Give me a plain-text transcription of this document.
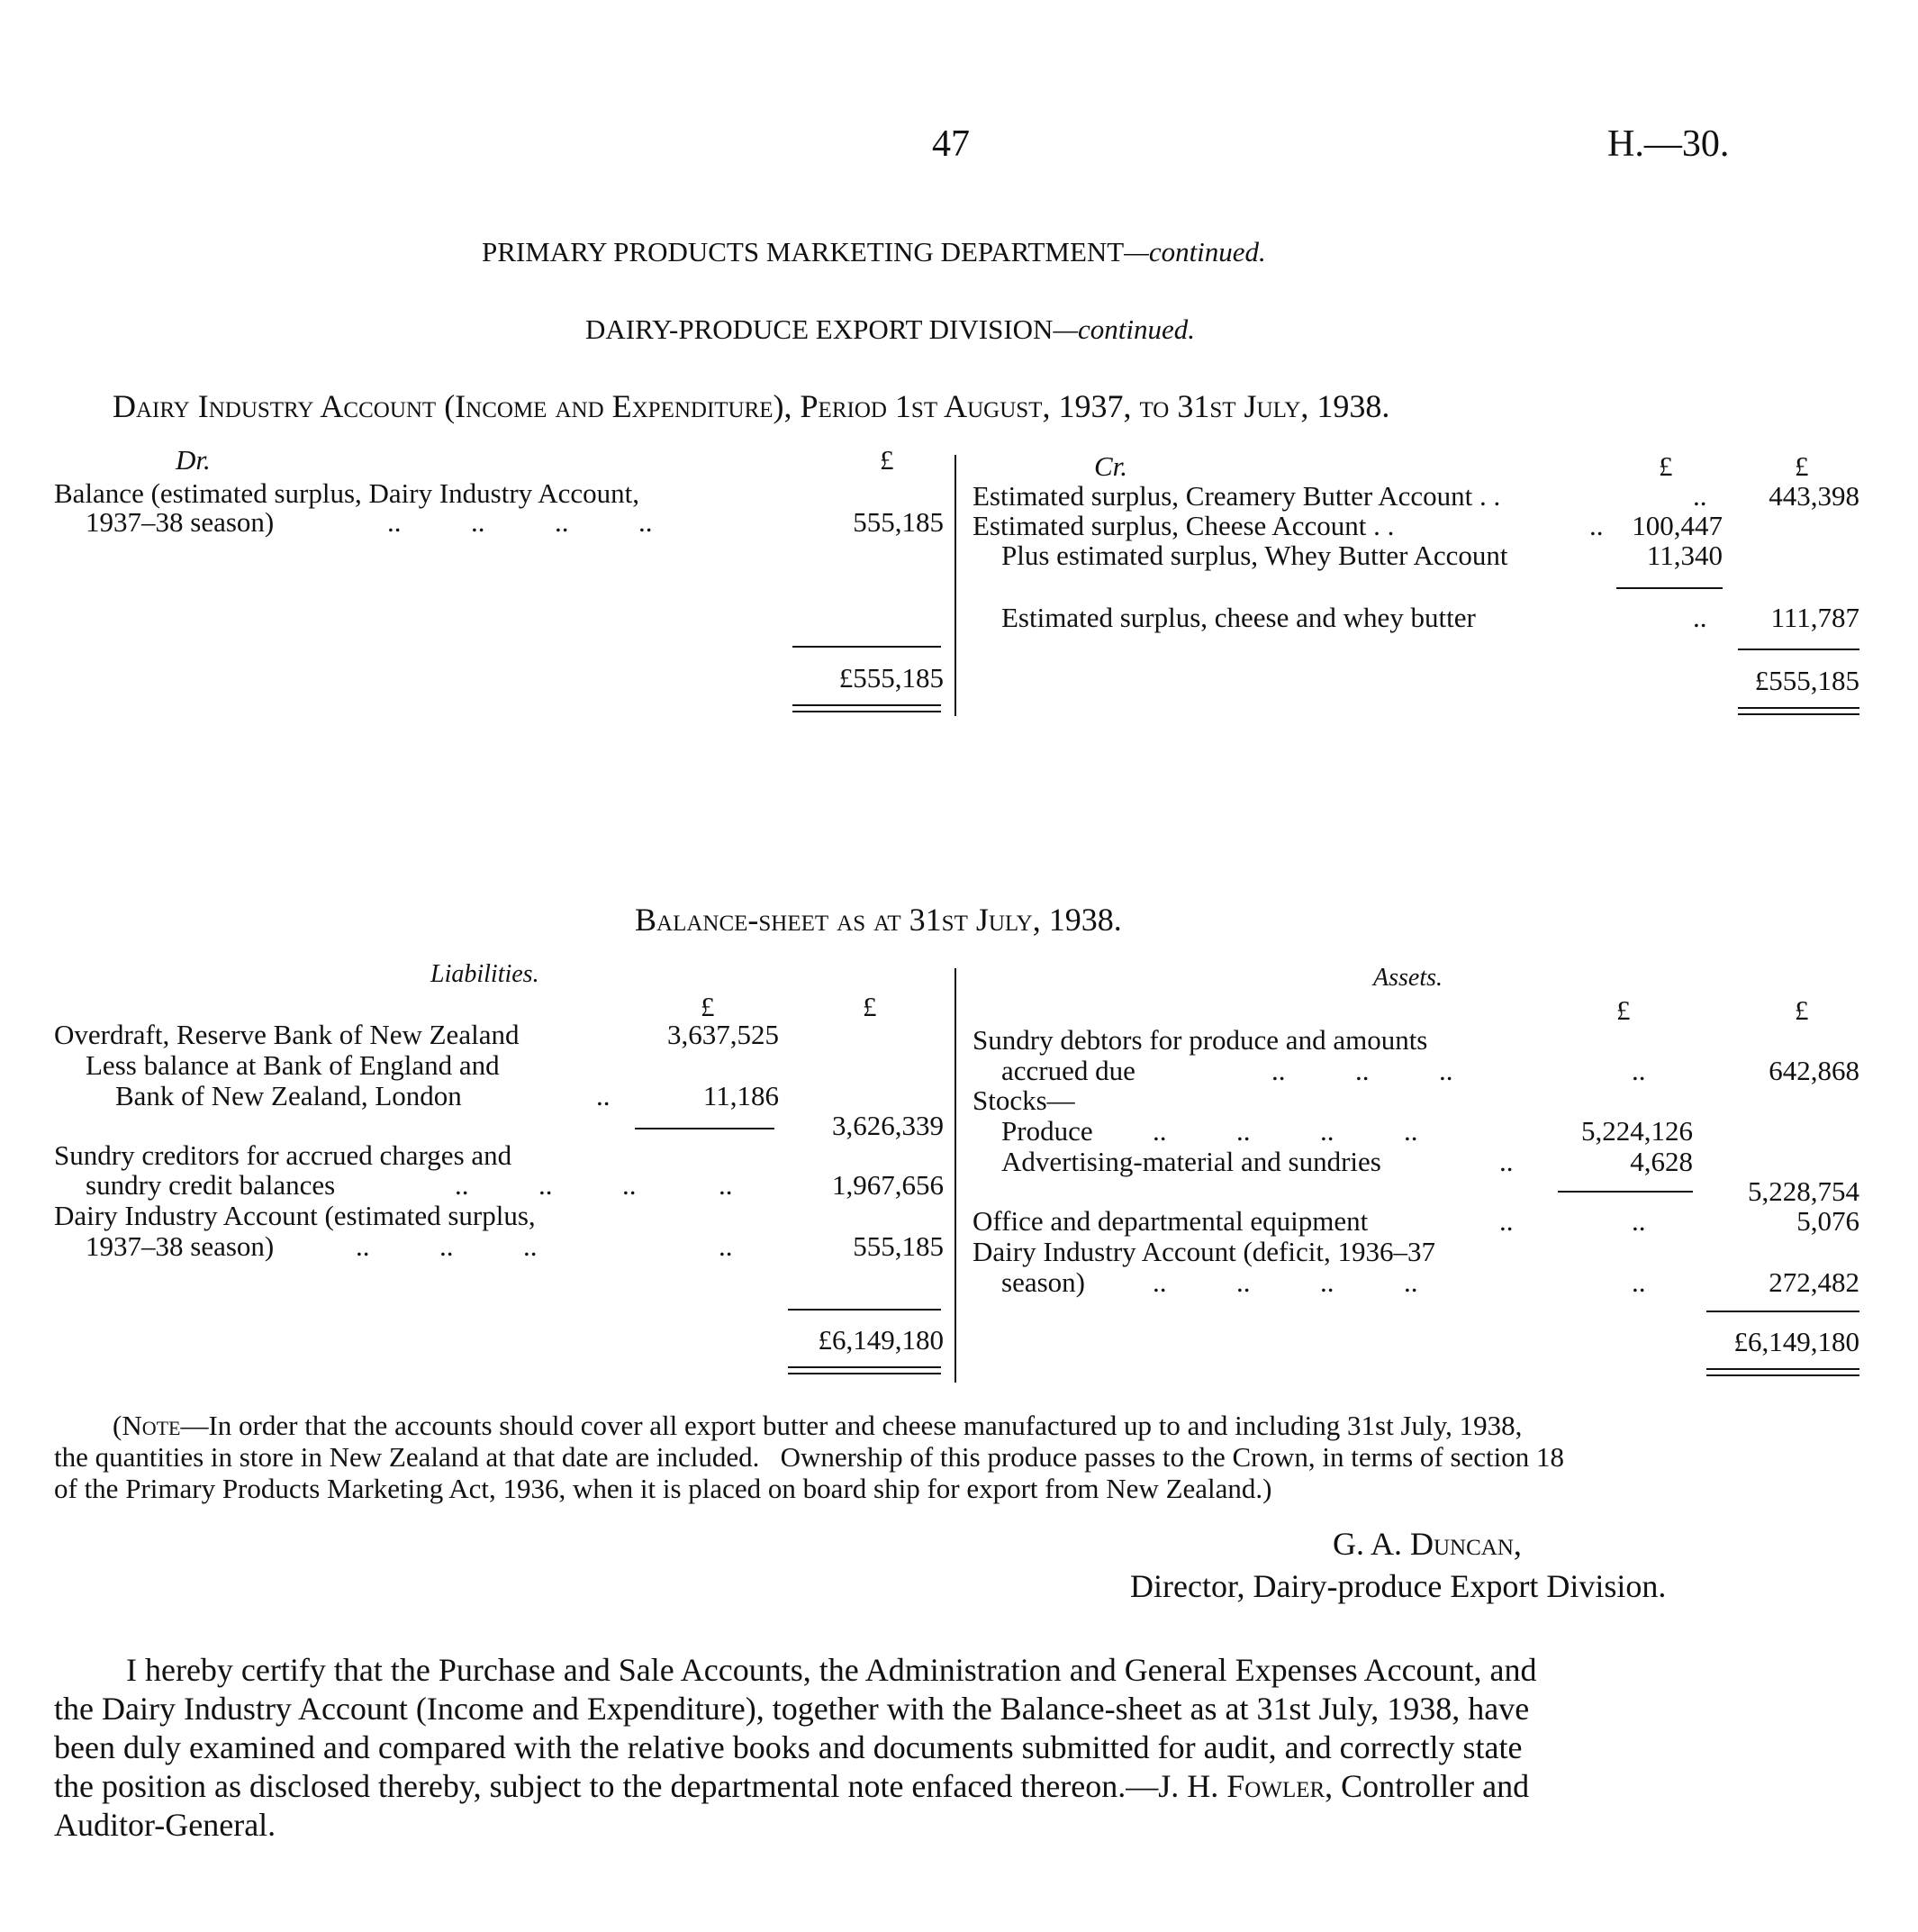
47	H.—30.
PRIMARY PRODUCTS MARKETING DEPARTMENT—continued.
DAIRY-PRODUCE EXPORT DIVISION—continued.
Dairy Industry Account (Income and Expenditure), Period 1st August, 1937, to 31st July, 1938.
Dr.	£
Balance (estimated surplus, Dairy Industry Account,
1937–38 season)	..          ..          ..          ..	555,185
£555,185
Cr.	£	£
Estimated surplus, Creamery Butter Account . .	..	443,398
Estimated surplus, Cheese Account . .	..	100,447
Plus estimated surplus, Whey Butter Account	11,340
Estimated surplus, cheese and whey butter	..	111,787
£555,185
Balance-sheet as at 31st July, 1938.
Liabilities.
£	£
Overdraft, Reserve Bank of New Zealand	3,637,525
Less balance at Bank of England and
Bank of New Zealand, London	..	11,186
3,626,339
Sundry creditors for accrued charges and
sundry credit balances	..          ..          ..	..	1,967,656
Dairy Industry Account (estimated surplus,
1937–38 season)	..          ..          ..	..	555,185
£6,149,180
Assets.
£	£
Sundry debtors for produce and amounts
accrued due	..          ..          ..	..	642,868
Stocks—
Produce ..          ..          ..          ..	5,224,126
Advertising-material and sundries	..	4,628
5,228,754
Office and departmental equipment	..	..	5,076
Dairy Industry Account (deficit, 1936–37
season) ..          ..          ..          ..	..	272,482
£6,149,180
(Note—In order that the accounts should cover all export butter and cheese manufactured up to and including 31st July, 1938,
the quantities in store in New Zealand at that date are included.   Ownership of this produce passes to the Crown, in terms of section 18
of the Primary Products Marketing Act, 1936, when it is placed on board ship for export from New Zealand.)
G. A. Duncan,
Director, Dairy-produce Export Division.
I hereby certify that the Purchase and Sale Accounts, the Administration and General Expenses Account, and
the Dairy Industry Account (Income and Expenditure), together with the Balance-sheet as at 31st July, 1938, have
been duly examined and compared with the relative books and documents submitted for audit, and correctly state
the position as disclosed thereby, subject to the departmental note enfaced thereon.—J. H. Fowler, Controller and
Auditor-General.
